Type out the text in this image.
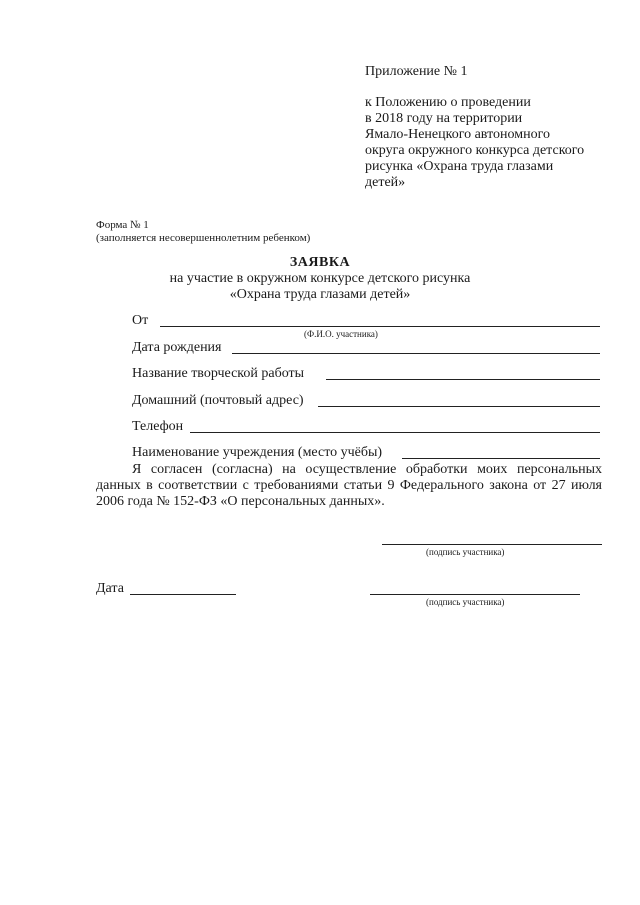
Приложение № 1
к Положению о проведении
в 2018 году на территории
Ямало-Ненецкого автономного
округа окружного конкурса детского
рисунка «Охрана труда глазами
детей»
Форма № 1
(заполняется несовершеннолетним ребенком)
ЗАЯВКА
на участие в окружном конкурсе детского рисунка
«Охрана труда глазами детей»
От
(Ф.И.О. участника)
Дата рождения
Название творческой работы
Домашний (почтовый адрес)
Телефон
Наименование учреждения (место учёбы)
Я согласен (согласна) на осуществление обработки моих персональных данных в соответствии с требованиями статьи 9 Федерального закона от 27 июля 2006 года № 152-ФЗ «О персональных данных».
(подпись участника)
Дата
(подпись участника)
